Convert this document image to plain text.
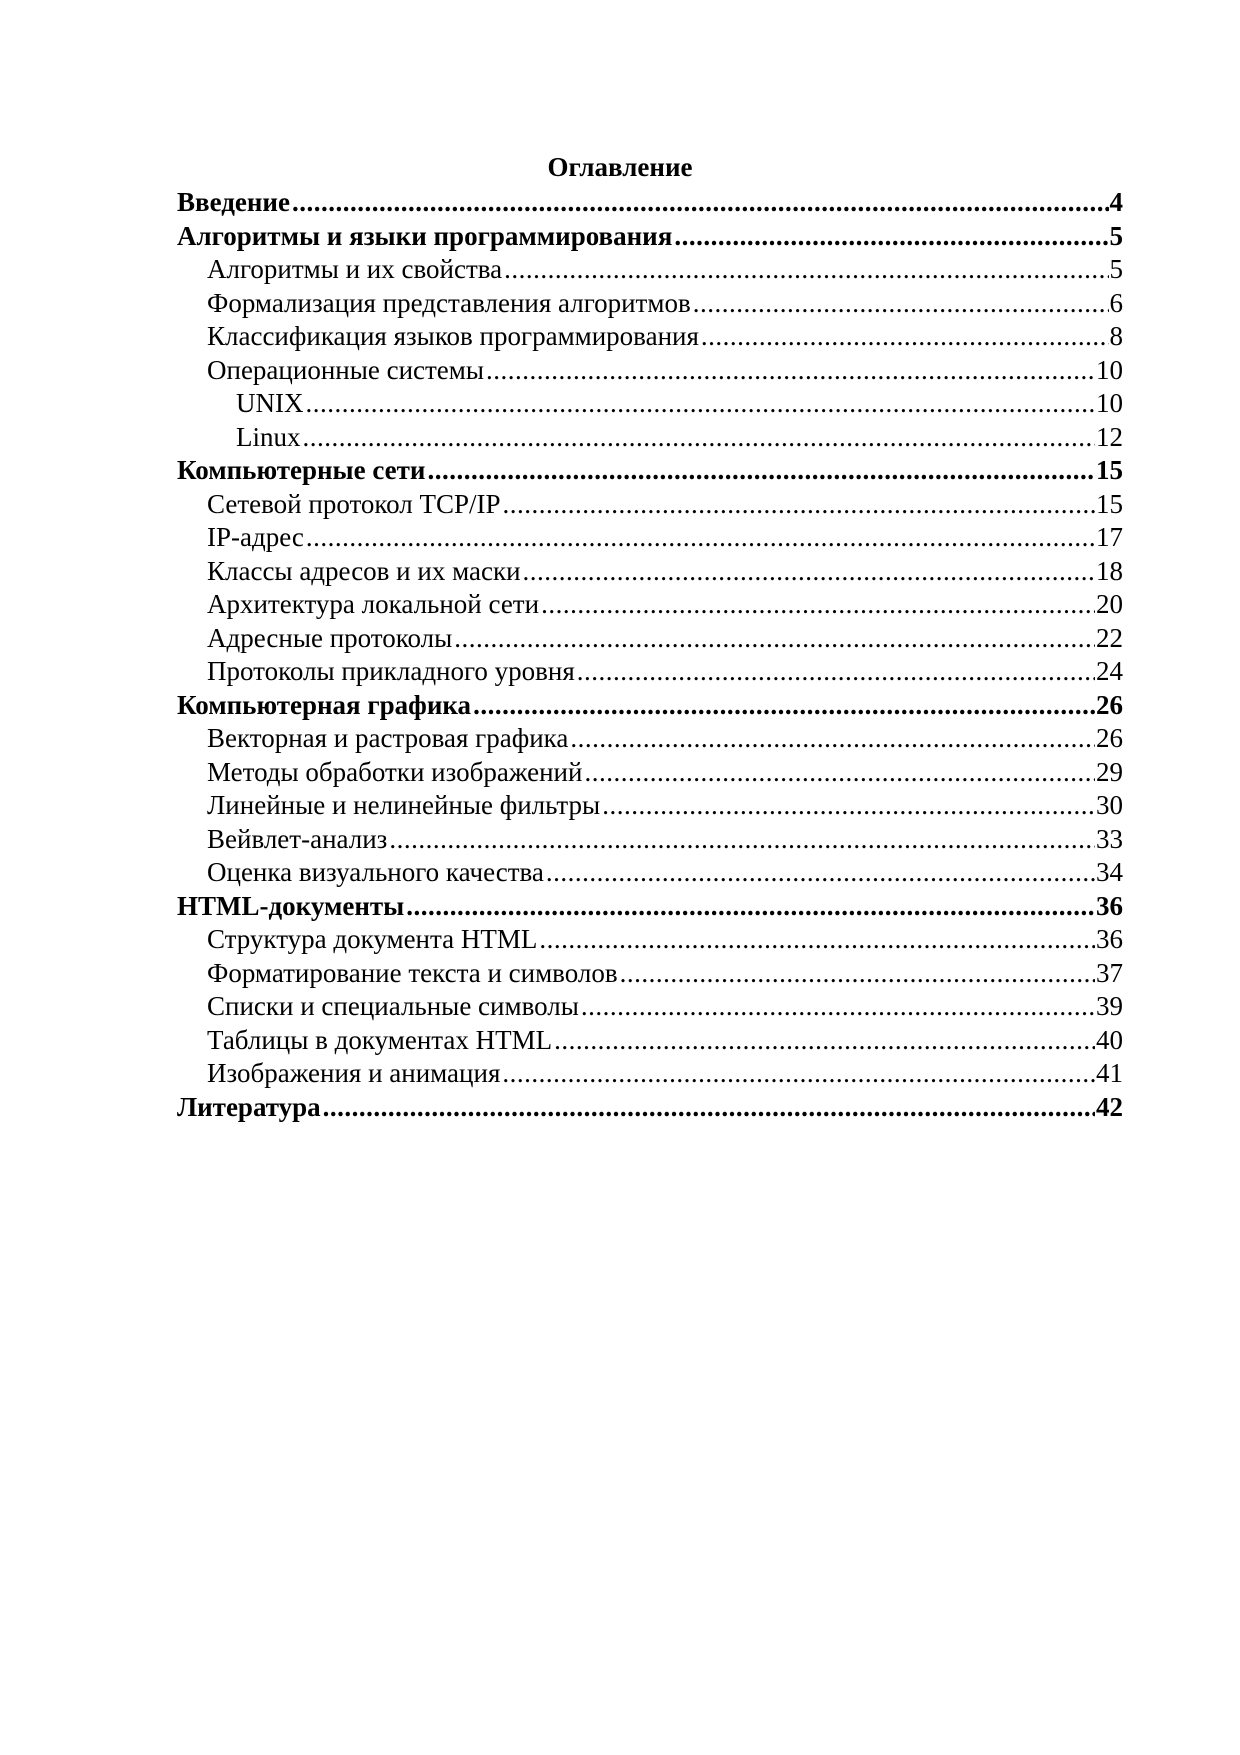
Оглавление
Введение .....	4
Алгоритмы и языки программирования .....	5
Алгоритмы и их свойства .....	5
Формализация представления алгоритмов .....	6
Классификация языков программирования .....	8
Операционные системы .....	10
UNIX .....	10
Linux .....	12
Компьютерные сети .....	15
Сетевой протокол TCP/IP .....	15
IP-адрес .....	17
Классы адресов и их маски .....	18
Архитектура локальной сети .....	20
Адресные протоколы .....	22
Протоколы прикладного уровня .....	24
Компьютерная графика .....	26
Векторная и растровая графика .....	26
Методы обработки изображений .....	29
Линейные и нелинейные фильтры .....	30
Вейвлет-анализ .....	33
Оценка визуального качества .....	34
HTML-документы .....	36
Структура документа HTML .....	36
Форматирование текста и символов .....	37
Списки и специальные символы .....	39
Таблицы в документах HTML .....	40
Изображения и анимация .....	41
Литература .....	42
